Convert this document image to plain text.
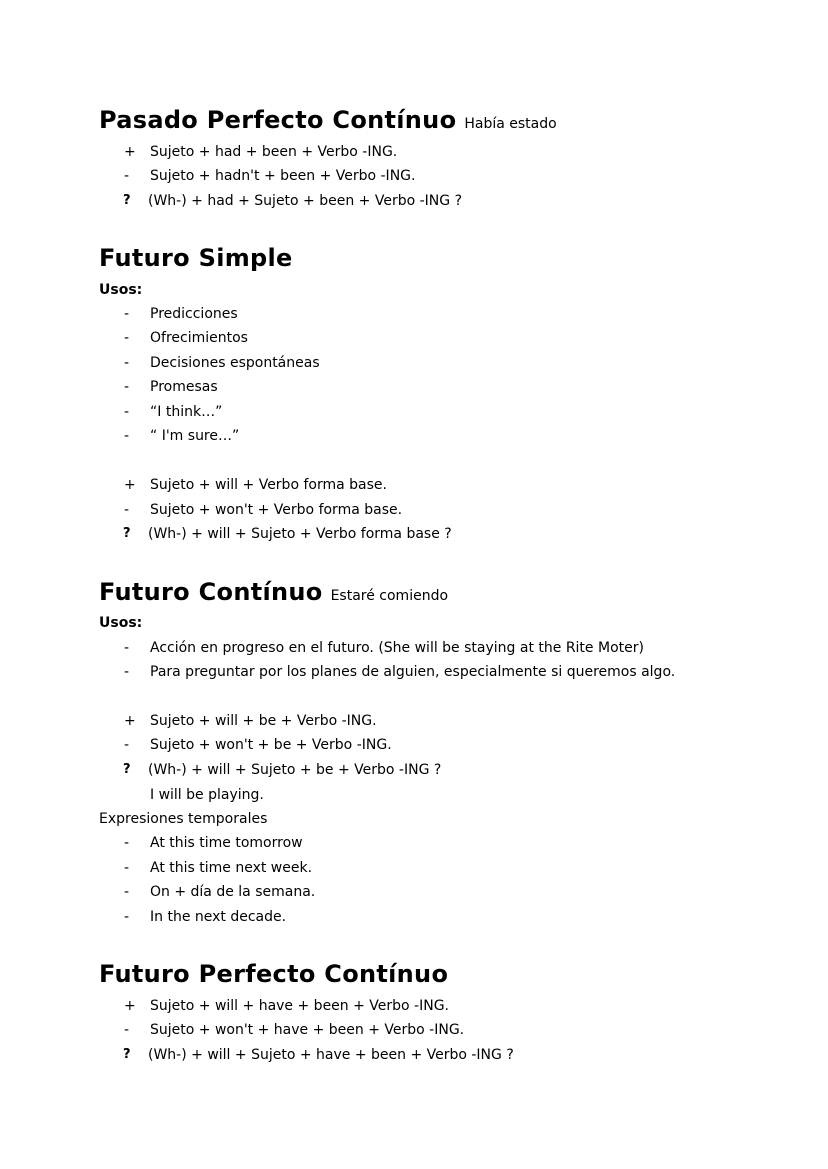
Pasado Perfecto Contínuo Había estado
+ Sujeto + had + been + Verbo -ING.
-	Sujeto + hadn't + been + Verbo -ING.
?	(Wh-) + had + Sujeto + been + Verbo -ING ?
Futuro Simple
Usos:
-	Predicciones
-	Ofrecimientos
-	Decisiones espontáneas
-	Promesas
-	“I think…”
-	“ I'm sure…”
+ Sujeto + will + Verbo forma base.
-	Sujeto + won't + Verbo forma base.
?	(Wh-) + will + Sujeto + Verbo forma base ?
Futuro Contínuo Estaré comiendo
Usos:
-	Acción en progreso en el futuro. (She will be staying at the Rite Moter)
-	Para preguntar por los planes de alguien, especialmente si queremos algo.
+ Sujeto + will + be + Verbo -ING.
-	Sujeto + won't + be + Verbo -ING.
?	(Wh-) + will + Sujeto + be + Verbo -ING ?
I will be playing.
Expresiones temporales
-	At this time tomorrow
-	At this time next week.
-	On + día de la semana.
-	In the next decade.
Futuro Perfecto Contínuo
+ Sujeto + will + have + been + Verbo -ING.
-	Sujeto + won't + have + been + Verbo -ING.
?	(Wh-) + will + Sujeto + have + been + Verbo -ING ?
